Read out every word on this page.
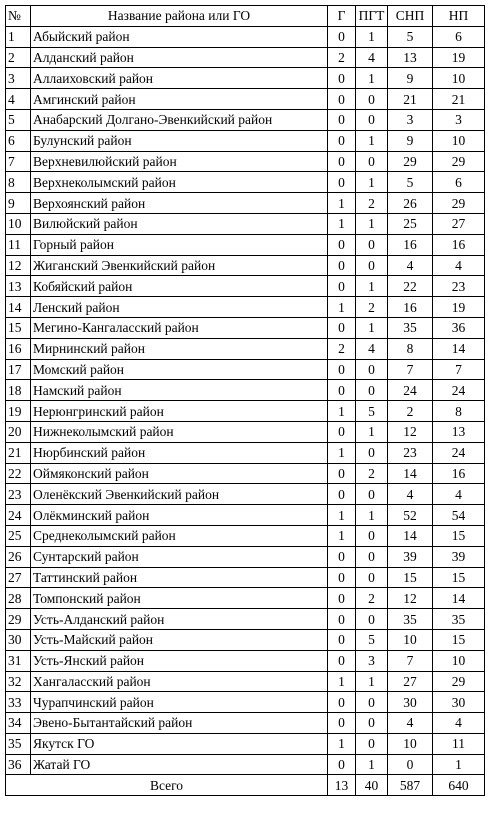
№	Название района или ГО	Г	ПГТ	СНП	НП
1	Абыйский район	0	1	5	6
2	Алданский район	2	4	13	19
3	Аллаиховский район	0	1	9	10
4	Амгинский район	0	0	21	21
5	Анабарский Долгано-Эвенкийский район	0	0	3	3
6	Булунский район	0	1	9	10
7	Верхневилюйский район	0	0	29	29
8	Верхнеколымский район	0	1	5	6
9	Верхоянский район	1	2	26	29
10	Вилюйский район	1	1	25	27
11	Горный район	0	0	16	16
12	Жиганский Эвенкийский район	0	0	4	4
13	Кобяйский район	0	1	22	23
14	Ленский район	1	2	16	19
15	Мегино-Кангаласский район	0	1	35	36
16	Мирнинский район	2	4	8	14
17	Момский район	0	0	7	7
18	Намский район	0	0	24	24
19	Нерюнгринский район	1	5	2	8
20	Нижнеколымский район	0	1	12	13
21	Нюрбинский район	1	0	23	24
22	Оймяконский район	0	2	14	16
23	Оленёкский Эвенкийский район	0	0	4	4
24	Олёкминский район	1	1	52	54
25	Среднеколымский район	1	0	14	15
26	Сунтарский район	0	0	39	39
27	Таттинский район	0	0	15	15
28	Томпонский район	0	2	12	14
29	Усть-Алданский район	0	0	35	35
30	Усть-Майский район	0	5	10	15
31	Усть-Янский район	0	3	7	10
32	Хангаласский район	1	1	27	29
33	Чурапчинский район	0	0	30	30
34	Эвено-Бытантайский район	0	0	4	4
35	Якутск ГО	1	0	10	11
36	Жатай ГО	0	1	0	1
Всего		13	40	587	640
